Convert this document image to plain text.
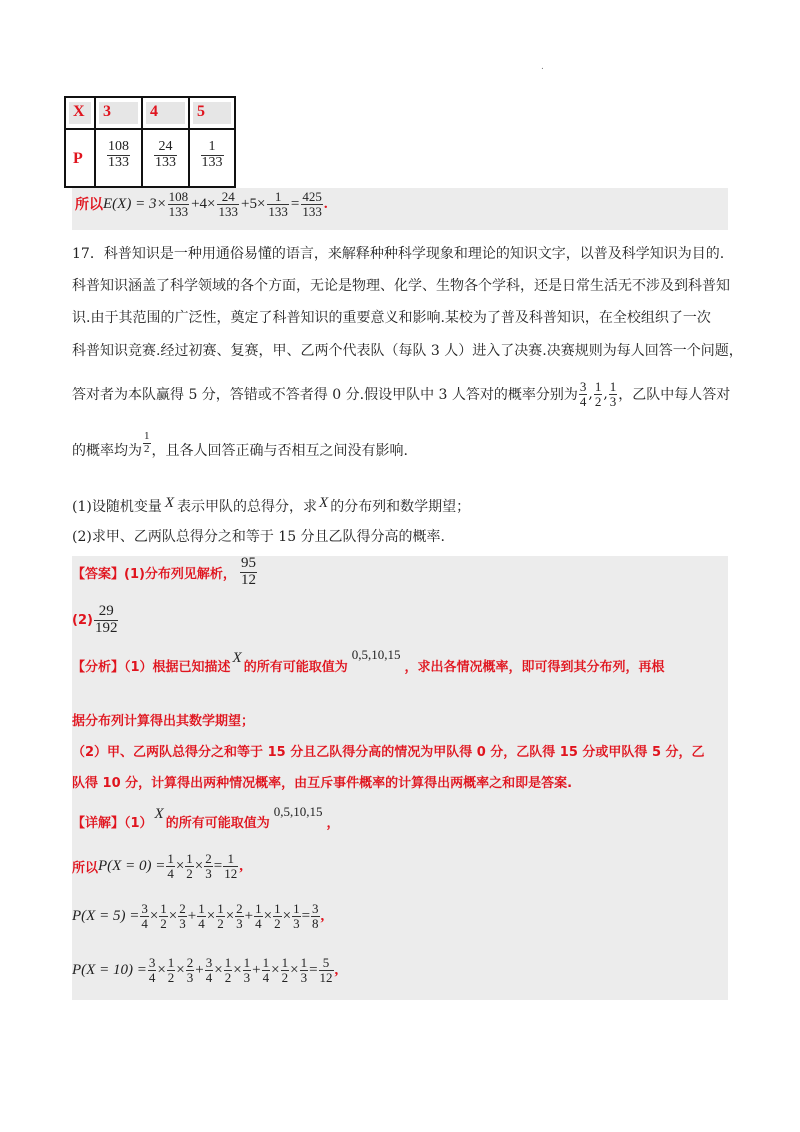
.
X	3	4	5

P	$\frac{108}{133}$	$\frac{24}{133}$	$\frac{1}{133}$
所以 $E(X) = 3\times \frac{108}{133} +4\times \frac{24}{133} +5\times \frac{1}{133} = \frac{425}{133}$ .

17．科普知识是一种用通俗易懂的语言，来解释种种科学现象和理论的知识文字，以普及科学知识为目的.

科普知识涵盖了科学领域的各个方面，无论是物理、化学、生物各个学科，还是日常生活无不涉及到科普知

识.由于其范围的广泛性，奠定了科普知识的重要意义和影响.某校为了普及科普知识，在全校组织了一次

科普知识竞赛.经过初赛、复赛，甲、乙两个代表队（每队 3 人）进入了决赛.决赛规则为每人回答一个问题，

答对者为本队赢得 5 分，答错或不答者得 0 分.假设甲队中 3 人答对的概率分别为 $\frac{3}{4}$ , $\frac{1}{2}$ , $\frac{1}{3}$ ，乙队中每人答对
的概率均为 $\frac{1}{2}$ ，且各人回答正确与否相互之间没有影响.
(1)设随机变量 X 表示甲队的总得分，求 X 的分布列和数学期望；

(2)求甲、乙两队总得分之和等于 15 分且乙队得分高的概率.

【答案】(1)分布列见解析， $\frac{95}{12}$
$(2) \frac{29}{192}$
【分析】（1）根据已知描述
X
的所有可能取值为
0,5,10,15
，求出各情况概率，即可得到其分布列，再根
据分布列计算得出其数学期望；
（2）甲、乙两队总得分之和等于 15 分且乙队得分高的情况为甲队得 0 分，乙队得 15 分或甲队得 5 分，乙
队得 10 分，计算得出两种情况概率，由互斥事件概率的计算得出两概率之和即是答案.
【详解】（1）
X
的所有可能取值为
0,5,10,15
，
所以 $P(X = 0) = \frac{1}{4} \times \frac{1}{2} \times \frac{2}{3} = \frac{1}{12}$ ,
$P(X = 5) = \frac{3}{4} \times \frac{1}{2} \times \frac{2}{3} + \frac{1}{4} \times \frac{1}{2} \times \frac{2}{3} + \frac{1}{4} \times \frac{1}{2} \times \frac{1}{3} = \frac{3}{8}$ ,
$P(X = 10) = \frac{3}{4} \times \frac{1}{2} \times \frac{2}{3} + \frac{3}{4} \times \frac{1}{2} \times \frac{1}{3} + \frac{1}{4} \times \frac{1}{2} \times \frac{1}{3} = \frac{5}{12}$ ,
